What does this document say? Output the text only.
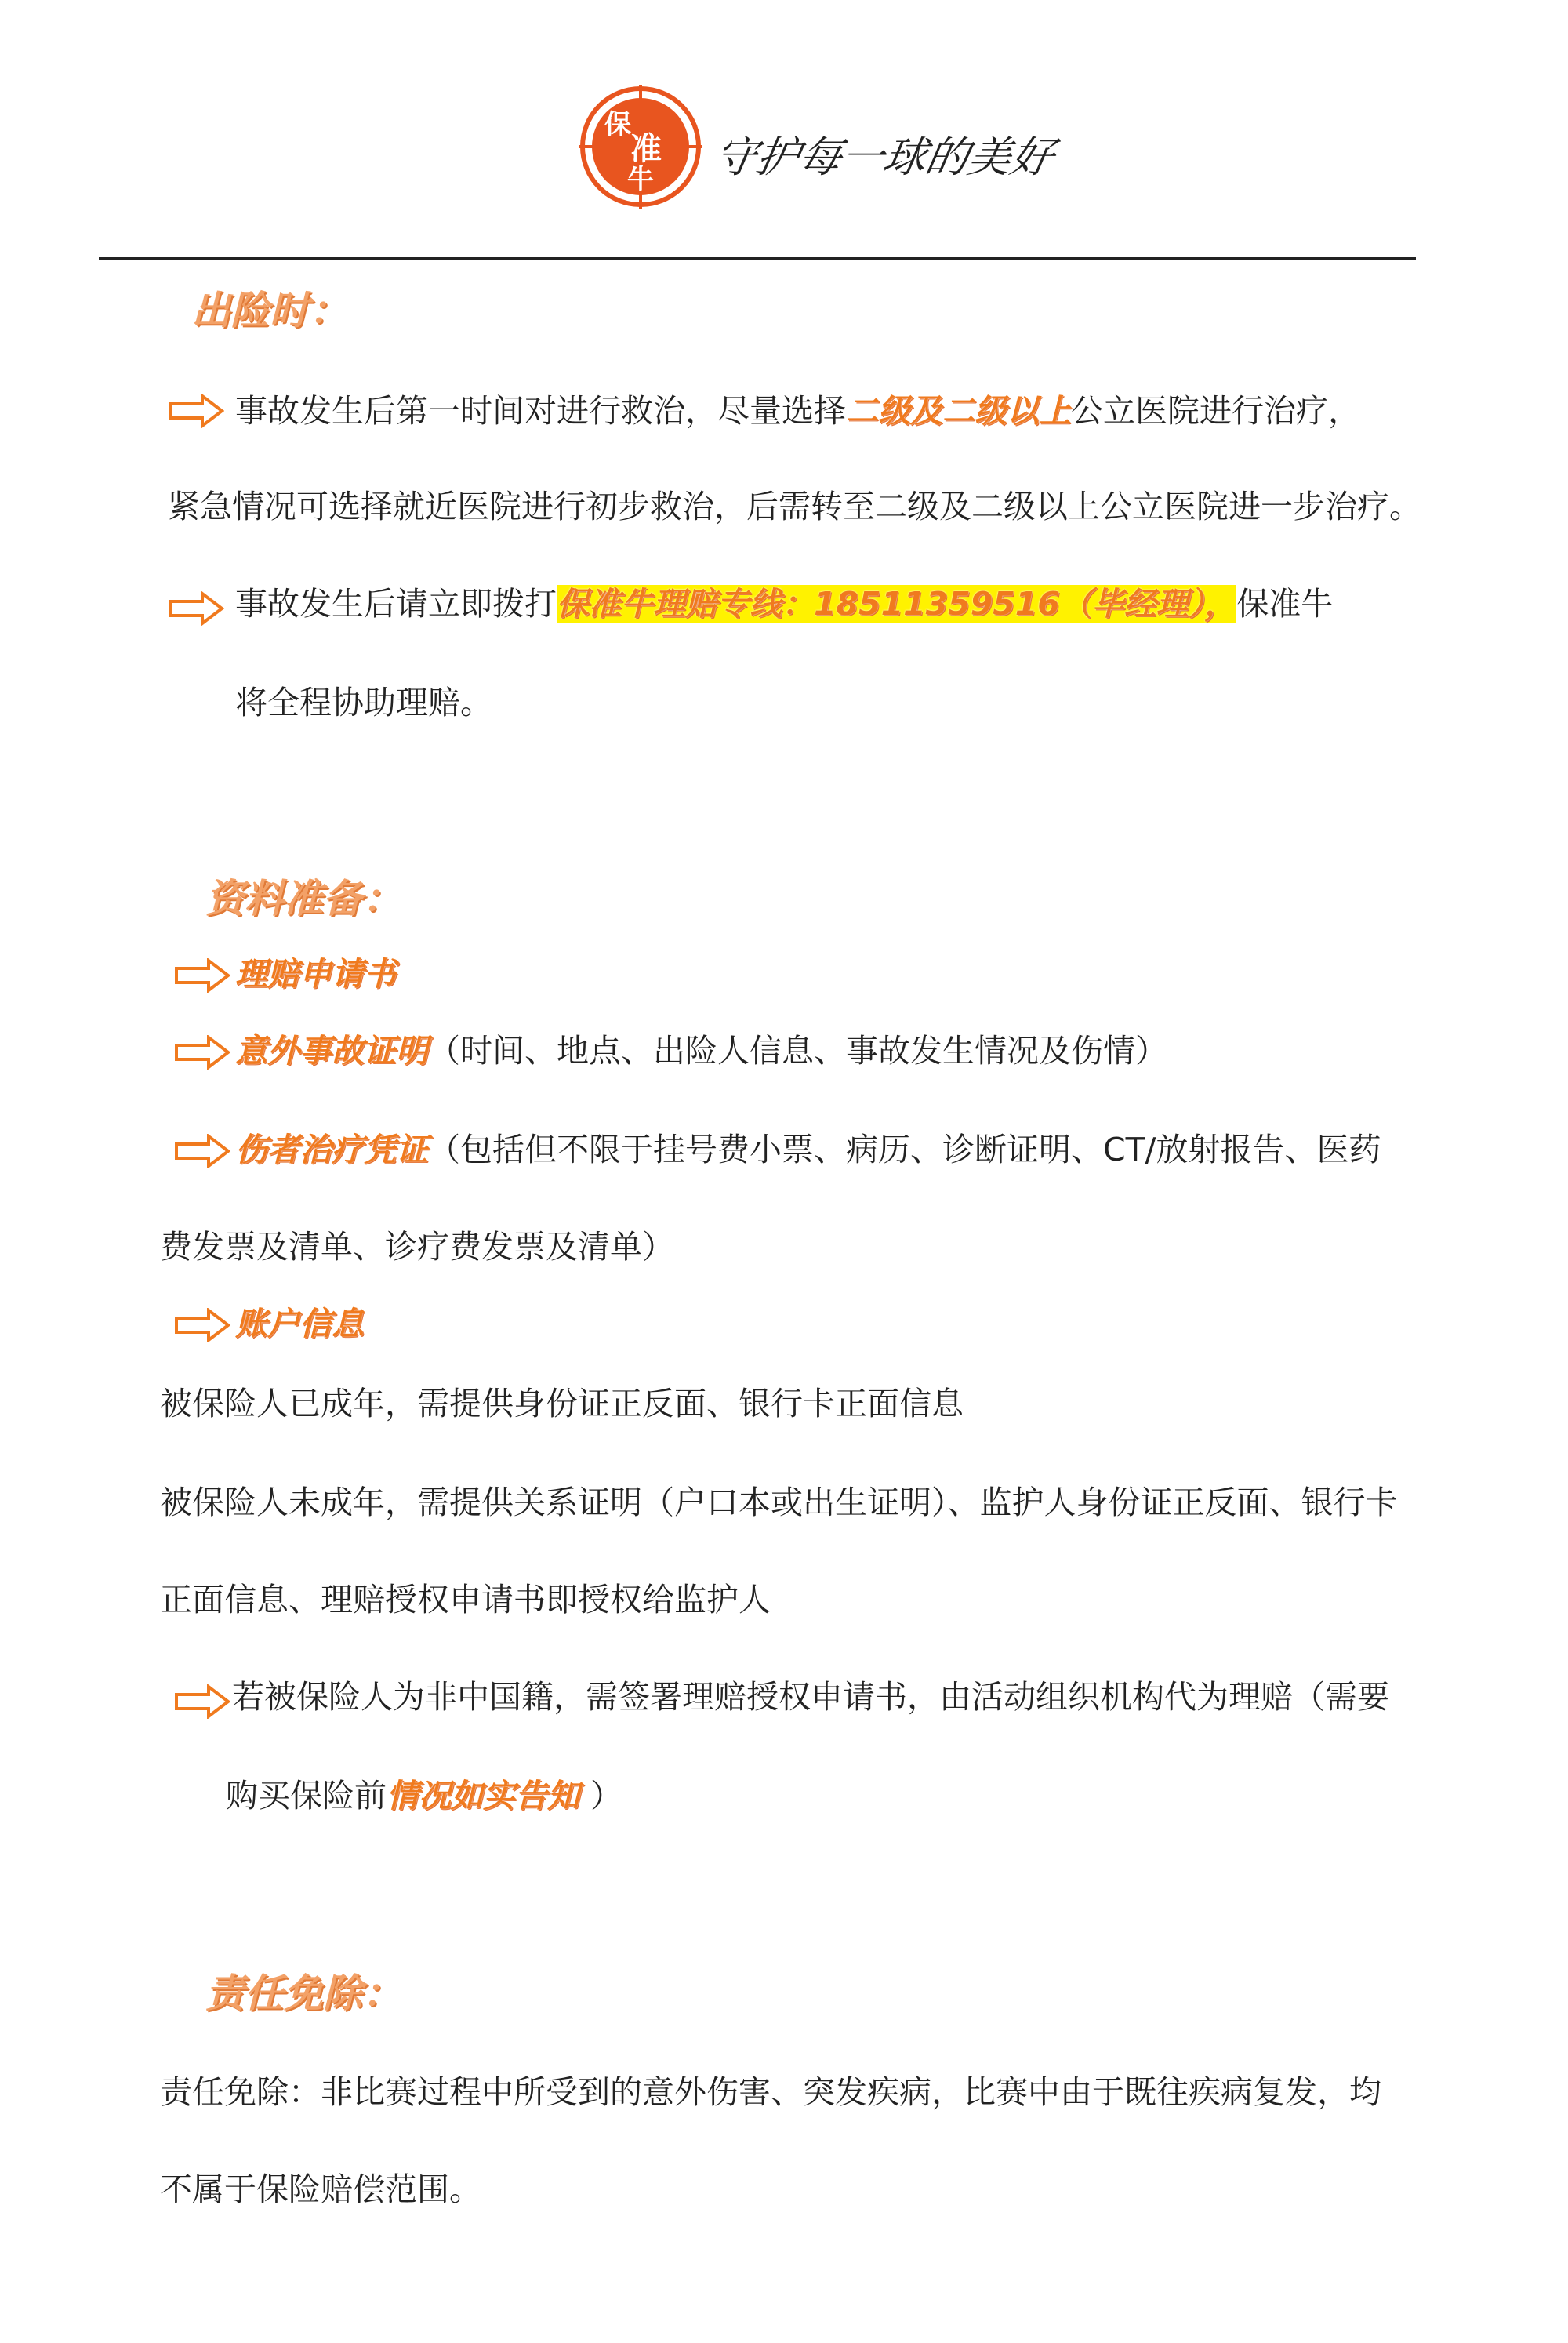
保
准
牛 守护每一球的美好
出险时：
事故发生后第一时间对进行救治，尽量选择二级及二级以上公立医院进行治疗，
紧急情况可选择就近医院进行初步救治，后需转至二级及二级以上公立医院进一步治疗。
事故发生后请立即拨打保准牛理赔专线：18511359516（毕经理），保准牛
将全程协助理赔。
资料准备：
理赔申请书
意外事故证明（时间、地点、出险人信息、事故发生情况及伤情）
伤者治疗凭证（包括但不限于挂号费小票、病历、诊断证明、CT/放射报告、医药
费发票及清单、诊疗费发票及清单）
账户信息
被保险人已成年，需提供身份证正反面、银行卡正面信息
被保险人未成年，需提供关系证明（户口本或出生证明）、监护人身份证正反面、银行卡
正面信息、理赔授权申请书即授权给监护人
若被保险人为非中国籍，需签署理赔授权申请书，由活动组织机构代为理赔（需要
购买保险前情况如实告知 ）
责任免除：
责任免除：非比赛过程中所受到的意外伤害、突发疾病，比赛中由于既往疾病复发，均
不属于保险赔偿范围。
